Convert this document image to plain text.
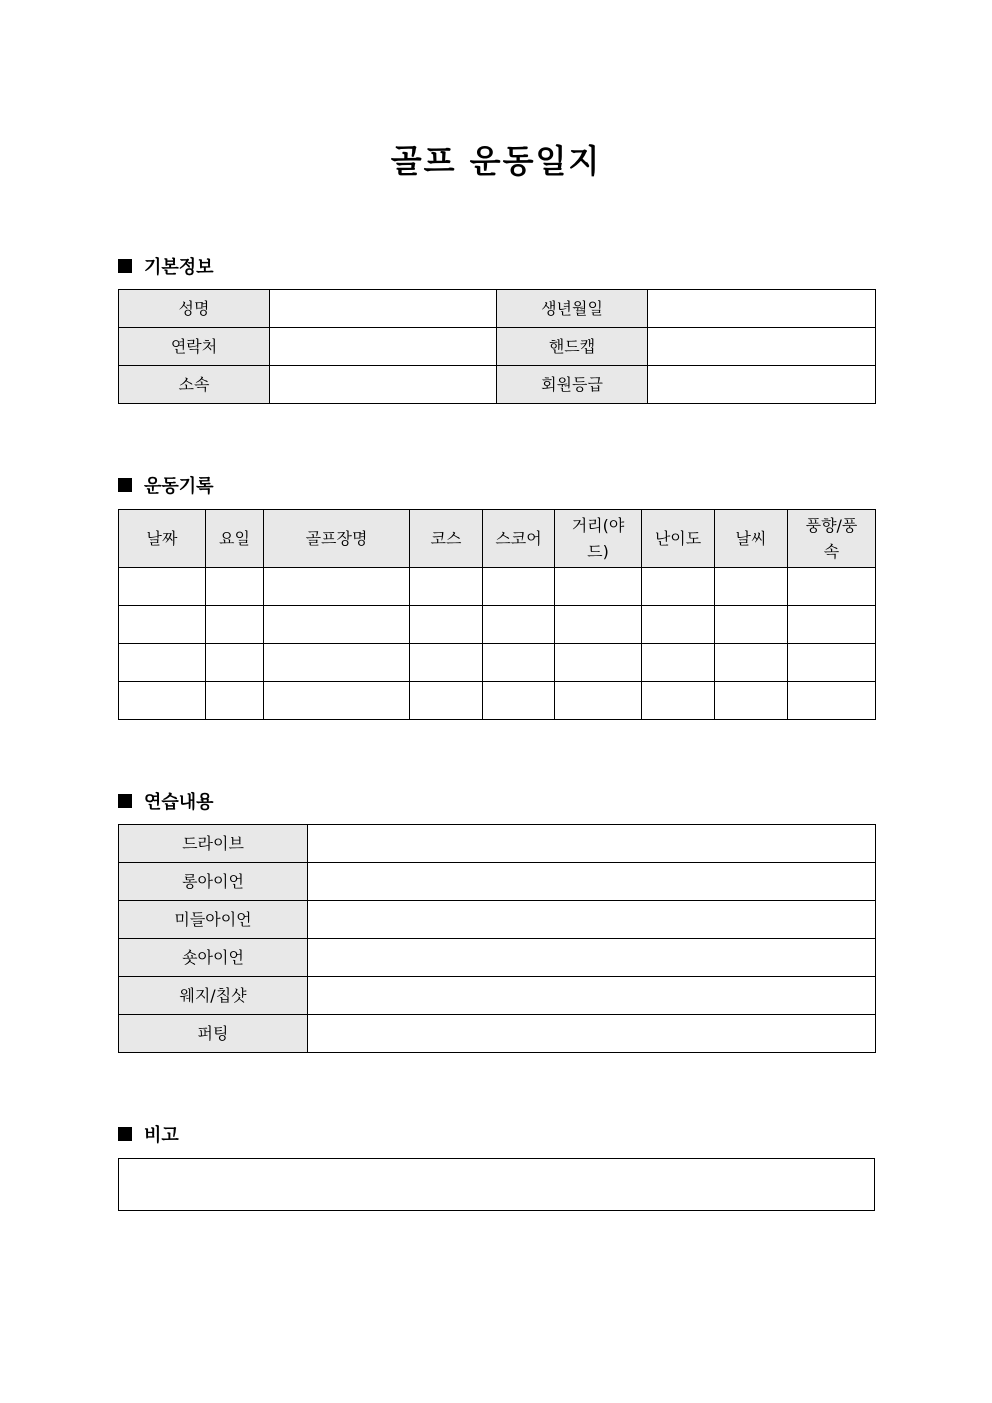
골프 운동일지
기본정보
성명		생년월일	
연락처		핸드캡	
소속		회원등급	
운동기록
날짜	요일	골프장명	코스	스코어	거리(야드)	난이도	날씨	풍향/풍속

연습내용
드라이브	
롱아이언	
미들아이언	
숏아이언	
웨지/칩샷	
퍼팅	
비고
